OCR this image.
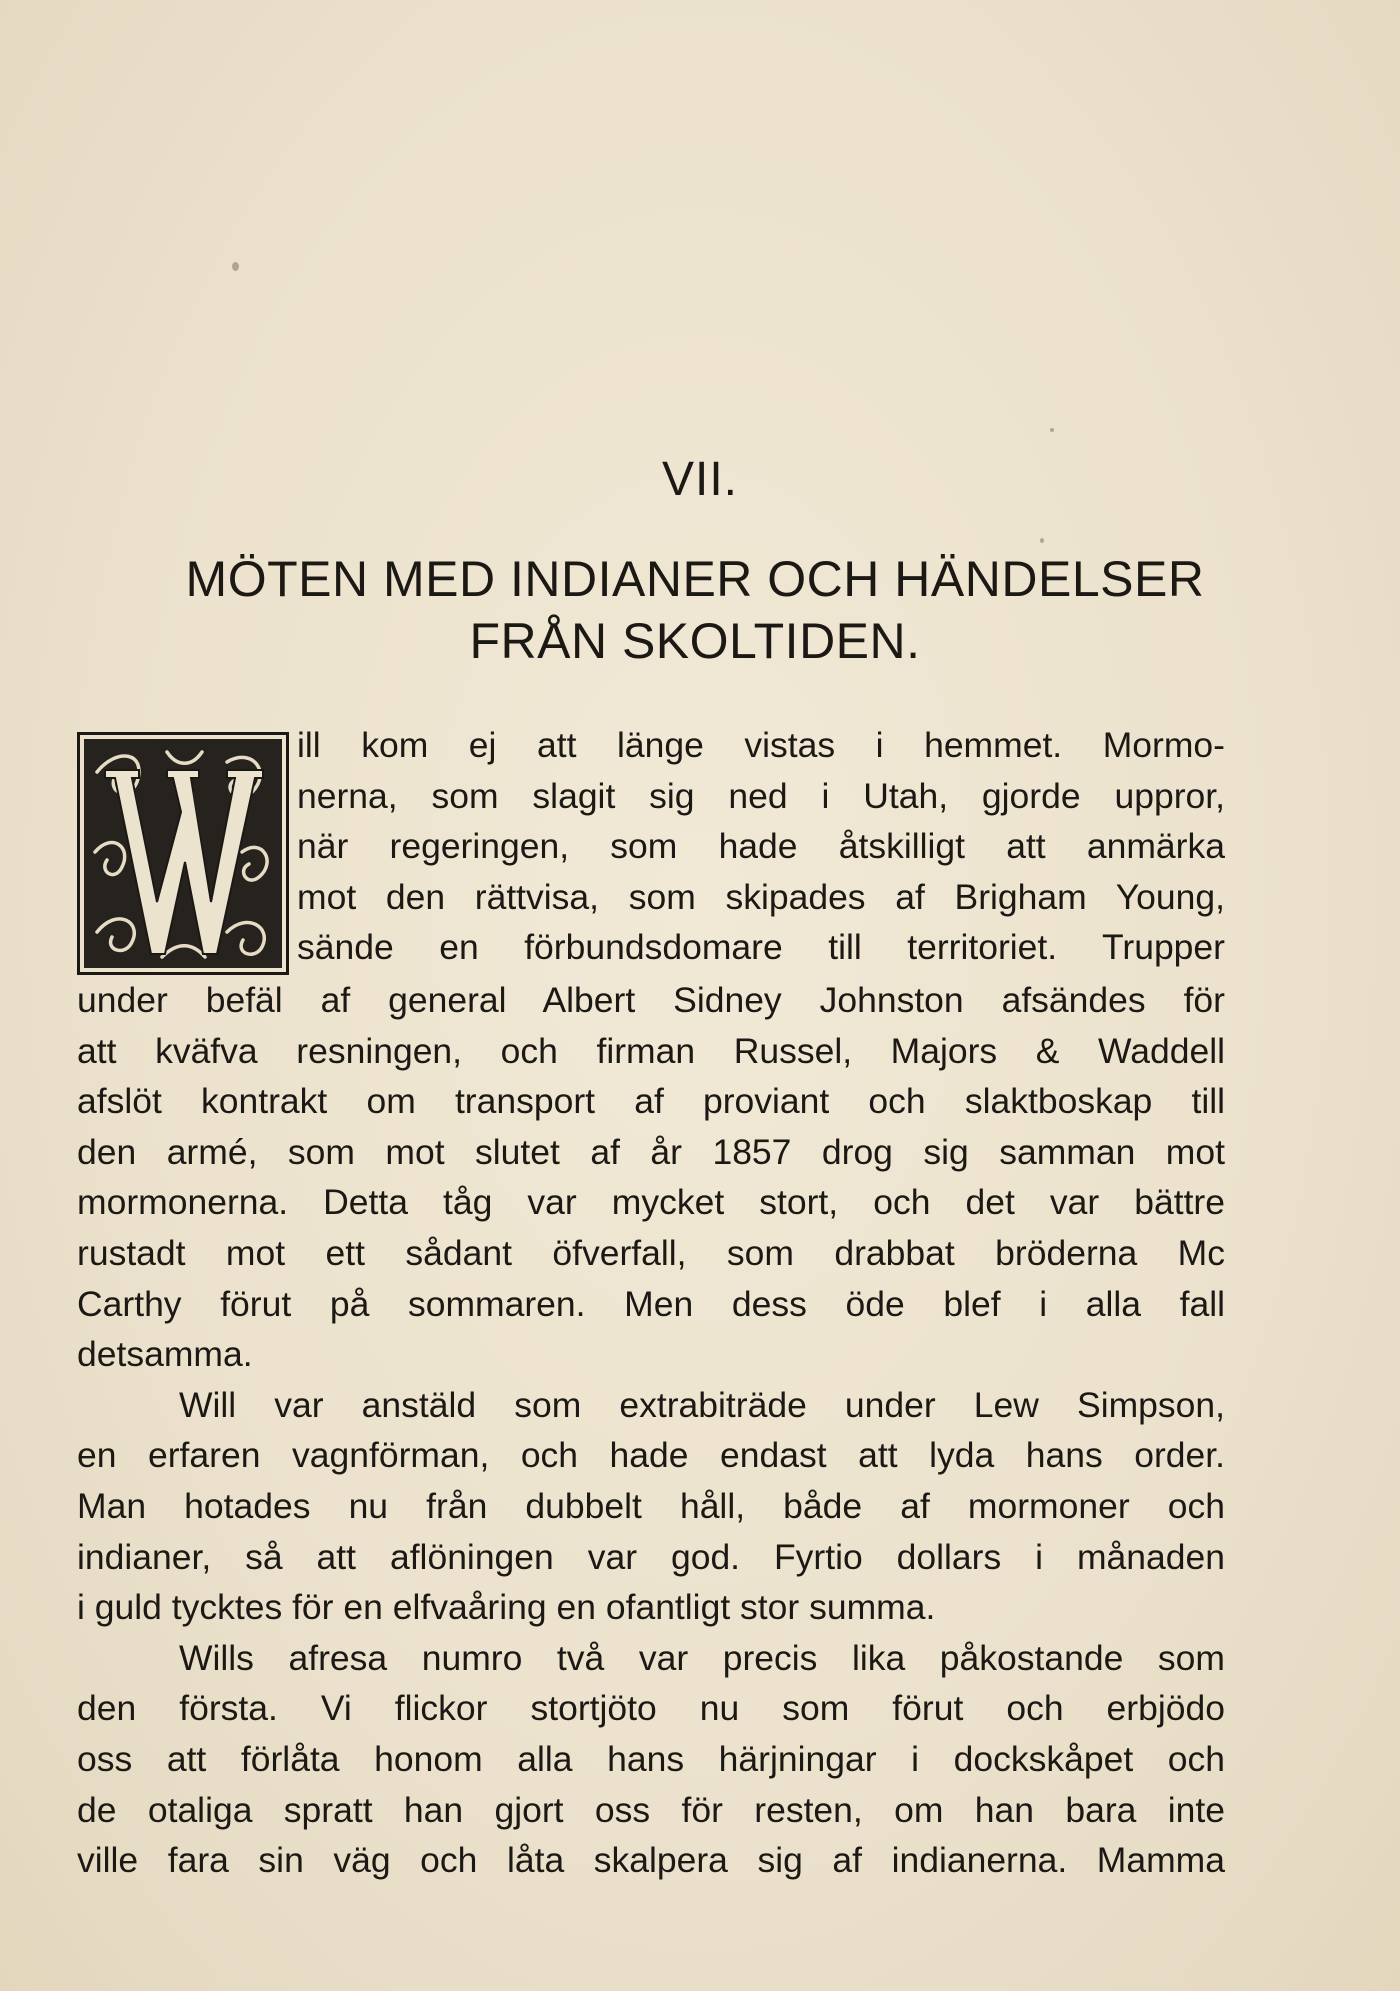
VII.
MÖTEN MED INDIANER OCH HÄNDELSER
FRÅN SKOLTIDEN.
ill kom ej att länge vistas i hemmet. Mormo-
nerna, som slagit sig ned i Utah, gjorde uppror,
när regeringen, som hade åtskilligt att anmärka
mot den rättvisa, som skipades af Brigham Young,
sände en förbundsdomare till territoriet. Trupper
under befäl af general Albert Sidney Johnston afsändes för
att kväfva resningen, och firman Russel, Majors & Waddell
afslöt kontrakt om transport af proviant och slaktboskap till
den armé, som mot slutet af år 1857 drog sig samman mot
mormonerna. Detta tåg var mycket stort, och det var bättre
rustadt mot ett sådant öfverfall, som drabbat bröderna Mc
Carthy förut på sommaren. Men dess öde blef i alla fall
detsamma.
Will var anstäld som extrabiträde under Lew Simpson,
en erfaren vagnförman, och hade endast att lyda hans order.
Man hotades nu från dubbelt håll, både af mormoner och
indianer, så att aflöningen var god. Fyrtio dollars i månaden
i guld tycktes för en elfvaåring en ofantligt stor summa.
Wills afresa numro två var precis lika påkostande som
den första. Vi flickor stortjöto nu som förut och erbjödo
oss att förlåta honom alla hans härjningar i dockskåpet och
de otaliga spratt han gjort oss för resten, om han bara inte
ville fara sin väg och låta skalpera sig af indianerna. Mamma
